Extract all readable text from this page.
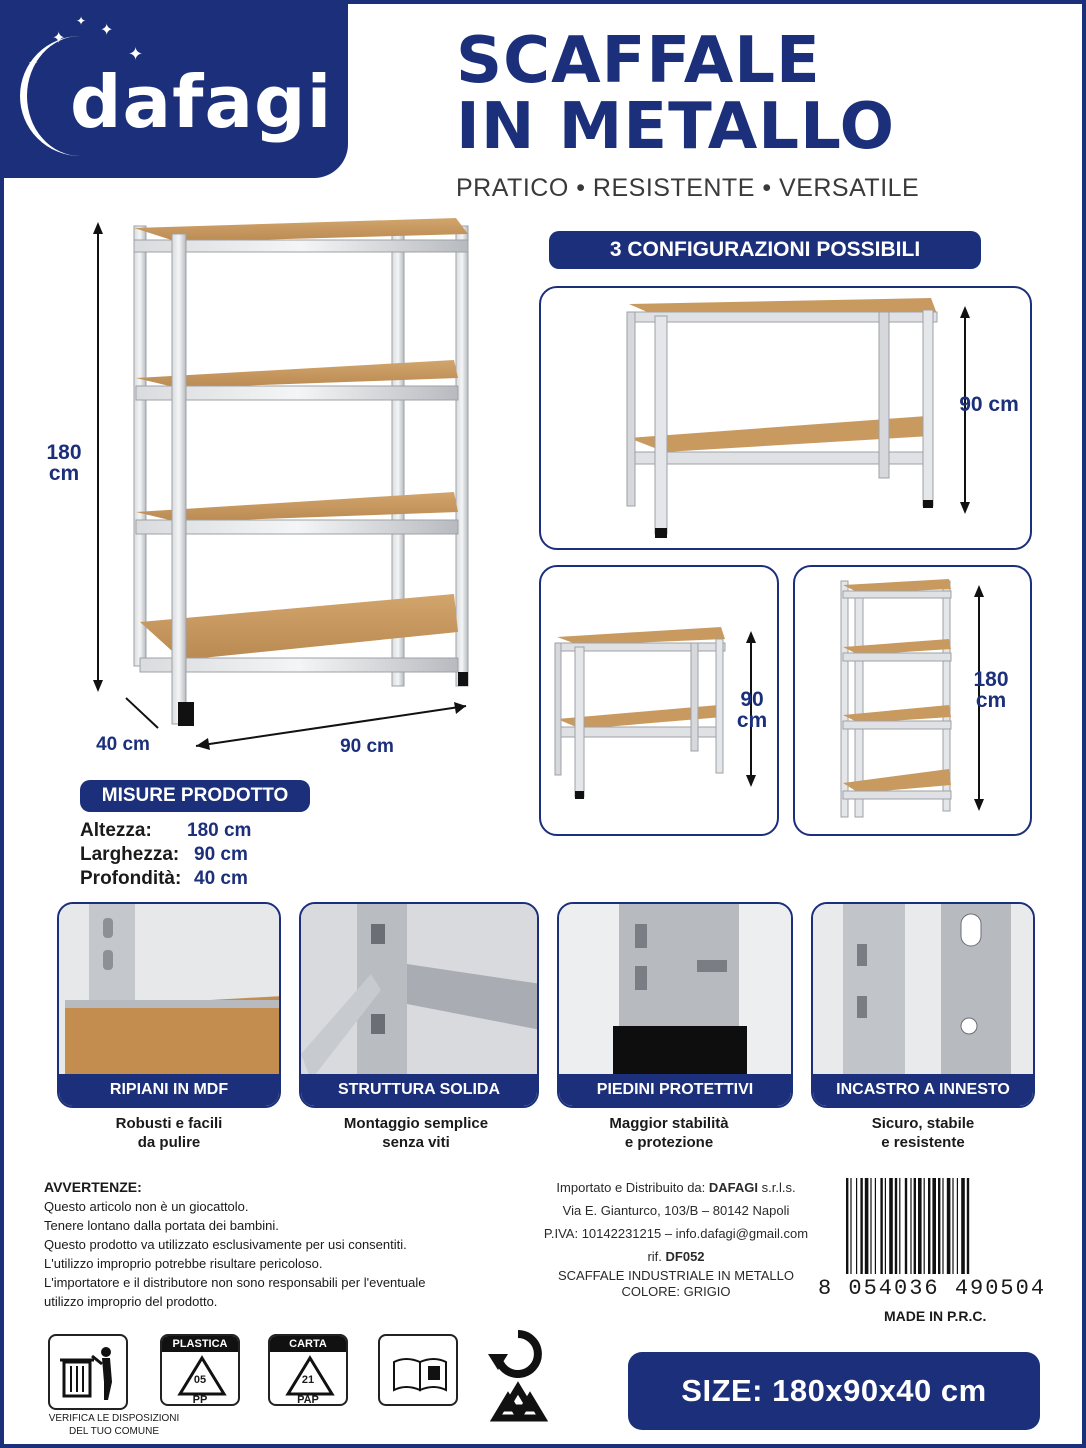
✦
✦
✦
✦
✦ dafagi SCAFFALE
IN METALLO
PRATICO • RESISTENTE • VERSATILE
180
cm
40 cm	90 cm
3 CONFIGURAZIONI POSSIBILI
90 cm
90
cm
180
cm
MISURE PRODOTTO
Altezza: 180 cm
Larghezza: 90 cm
Profondità: 40 cm
RIPIANI IN MDF	STRUTTURA SOLIDA	PIEDINI PROTETTIVI	INCASTRO A INNESTO
Robusti e facili
da pulire
Montaggio semplice
senza viti
Maggior stabilità
e protezione
Sicuro, stabile
e resistente
AVVERTENZE:
Questo articolo non è un giocattolo.
Tenere lontano dalla portata dei bambini.
Questo prodotto va utilizzato esclusivamente per usi consentiti.
L'utilizzo improprio potrebbe risultare pericoloso.
L'importatore e il distributore non sono responsabili per l'eventuale
utilizzo improprio del prodotto.
Importato e Distribuito da: DAFAGI s.r.l.s.
Via E. Gianturco, 103/B – 80142 Napoli
P.IVA: 10142231215 – info.dafagi@gmail.com
rif. DF052
SCAFFALE INDUSTRIALE IN METALLO
COLORE: GRIGIO	8 054036 490504
MADE IN P.R.C.
VERIFICA LE DISPOSIZIONI
DEL TUO COMUNE
PLASTICA
05
PP
CARTA
21
PAP	SIZE: 180x90x40 cm
